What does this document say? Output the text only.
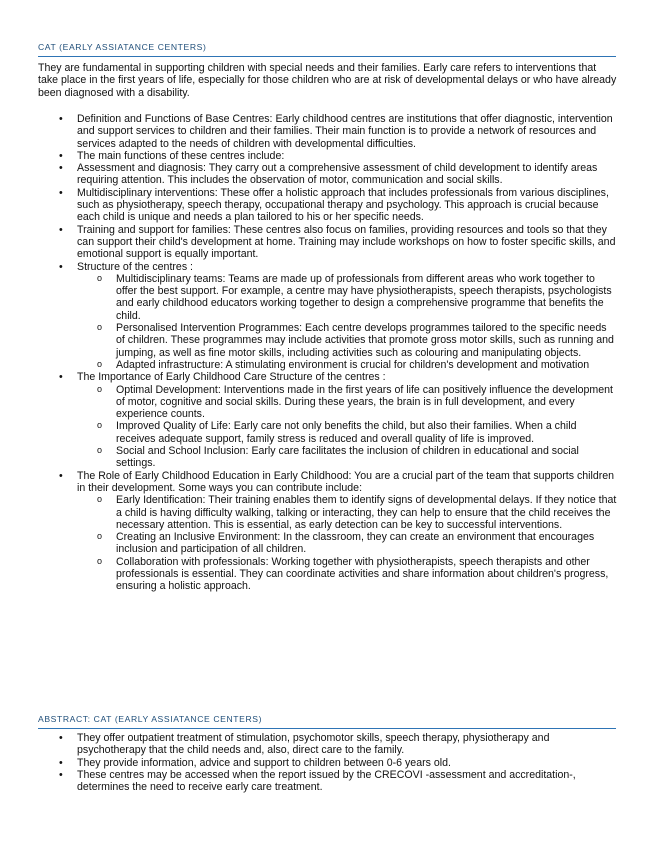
CAT (EARLY ASSIATANCE CENTERS)

They are fundamental in supporting children with special needs and their families. Early care refers to interventions that take place in the first years of life, especially for those children who are at risk of developmental delays or who have already been diagnosed with a disability.

• Definition and Functions of Base Centres: Early childhood centres are institutions that offer diagnostic, intervention and support services to children and their families. Their main function is to provide a network of resources and services adapted to the needs of children with developmental difficulties.
• The main functions of these centres include:
• Assessment and diagnosis: They carry out a comprehensive assessment of child development to identify areas requiring attention. This includes the observation of motor, communication and social skills.
• Multidisciplinary interventions: These offer a holistic approach that includes professionals from various disciplines, such as physiotherapy, speech therapy, occupational therapy and psychology. This approach is crucial because each child is unique and needs a plan tailored to his or her specific needs.
• Training and support for families: These centres also focus on families, providing resources and tools so that they can support their child's development at home. Training may include workshops on how to foster specific skills, and emotional support is equally important.
• Structure of the centres :
o Multidisciplinary teams: Teams are made up of professionals from different areas who work together to offer the best support. For example, a centre may have physiotherapists, speech therapists, psychologists and early childhood educators working together to design a comprehensive programme that benefits the child.
o Personalised Intervention Programmes: Each centre develops programmes tailored to the specific needs of children. These programmes may include activities that promote gross motor skills, such as running and jumping, as well as fine motor skills, including activities such as colouring and manipulating objects.
o Adapted infrastructure: A stimulating environment is crucial for children's development and motivation
• The Importance of Early Childhood Care Structure of the centres :
o Optimal Development: Interventions made in the first years of life can positively influence the development of motor, cognitive and social skills. During these years, the brain is in full development, and every experience counts.
o Improved Quality of Life: Early care not only benefits the child, but also their families. When a child receives adequate support, family stress is reduced and overall quality of life is improved.
o Social and School Inclusion: Early care facilitates the inclusion of children in educational and social settings.
• The Role of Early Childhood Education in Early Childhood: You are a crucial part of the team that supports children in their development. Some ways you can contribute include:
o Early Identification: Their training enables them to identify signs of developmental delays. If they notice that a child is having difficulty walking, talking or interacting, they can help to ensure that the child receives the necessary attention. This is essential, as early detection can be key to successful interventions.
o Creating an Inclusive Environment: In the classroom, they can create an environment that encourages inclusion and participation of all children.
o Collaboration with professionals: Working together with physiotherapists, speech therapists and other professionals is essential. They can coordinate activities and share information about children's progress, ensuring a holistic approach.
ABSTRACT: CAT (EARLY ASSIATANCE CENTERS)
• They offer outpatient treatment of stimulation, psychomotor skills, speech therapy, physiotherapy and psychotherapy that the child needs and, also, direct care to the family.
• They provide information, advice and support to children between 0-6 years old.
• These centres may be accessed when the report issued by the CRECOVI -assessment and accreditation-, determines the need to receive early care treatment.
